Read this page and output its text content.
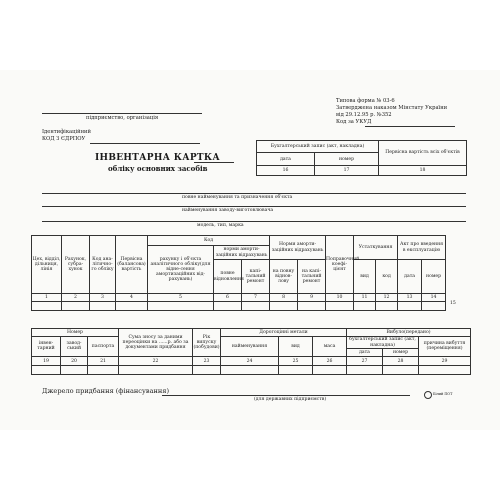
підприємство, організація
Типова форма № 03-6
Затверджена наказом Мінстату України
від 29.12.95 р. №352
Код за УКУД
Ідентифікаційний
КОД З ЄДРПОУ
ІНВЕНТАРНА КАРТКА
обліку основних засобів
Бухгалтерський запис (акт, накладна)		Первісна вартість всіх об'єктів
дата	номер	
16	17	18
повне найменування та призначення об'єкта
найменування заводу-виготовлювача
модель, тип, марка
Цех, відділ, дільниця, лінія	Рахунок, субра-хунок	Код ана-літично-го обліку	Первісна (балансова) вартість	Код			Норми аморти-заційних відрахувань		Поправочний коефі-цієнт	Устаткування		Акт про введення в експлуатацію	
				рахунку і об'єкта аналітичного обліку(для відне-сення амортизаційних від-рахувань)	норми аморти-заційних відрахувань								
					повне відновлення	капі-тальний ремонт	на повну віднов-лову	на капі-тальний ремонт		вид	код	дата	номер
1	2	3	4	5	6	7	8	9	10	11	12	13	14

15
Номер			Сума зносу за даними переоцінки на ......р. або за документами придбання	Рік випуску (побудови)	Дорогоцінні метали			Вибуло(передано)		
інвен-тарний	завод-ський	паспорта			найменування	вид	маса	бухгалтерський запис (акт, накладна)		причина вибуття (переміщення)
								дата	номер	
19	20	21	22	23	24	25	26	27	28	29

Джерело придбання (фінансування)
(для державних підприємств)
Білий ПОТ
